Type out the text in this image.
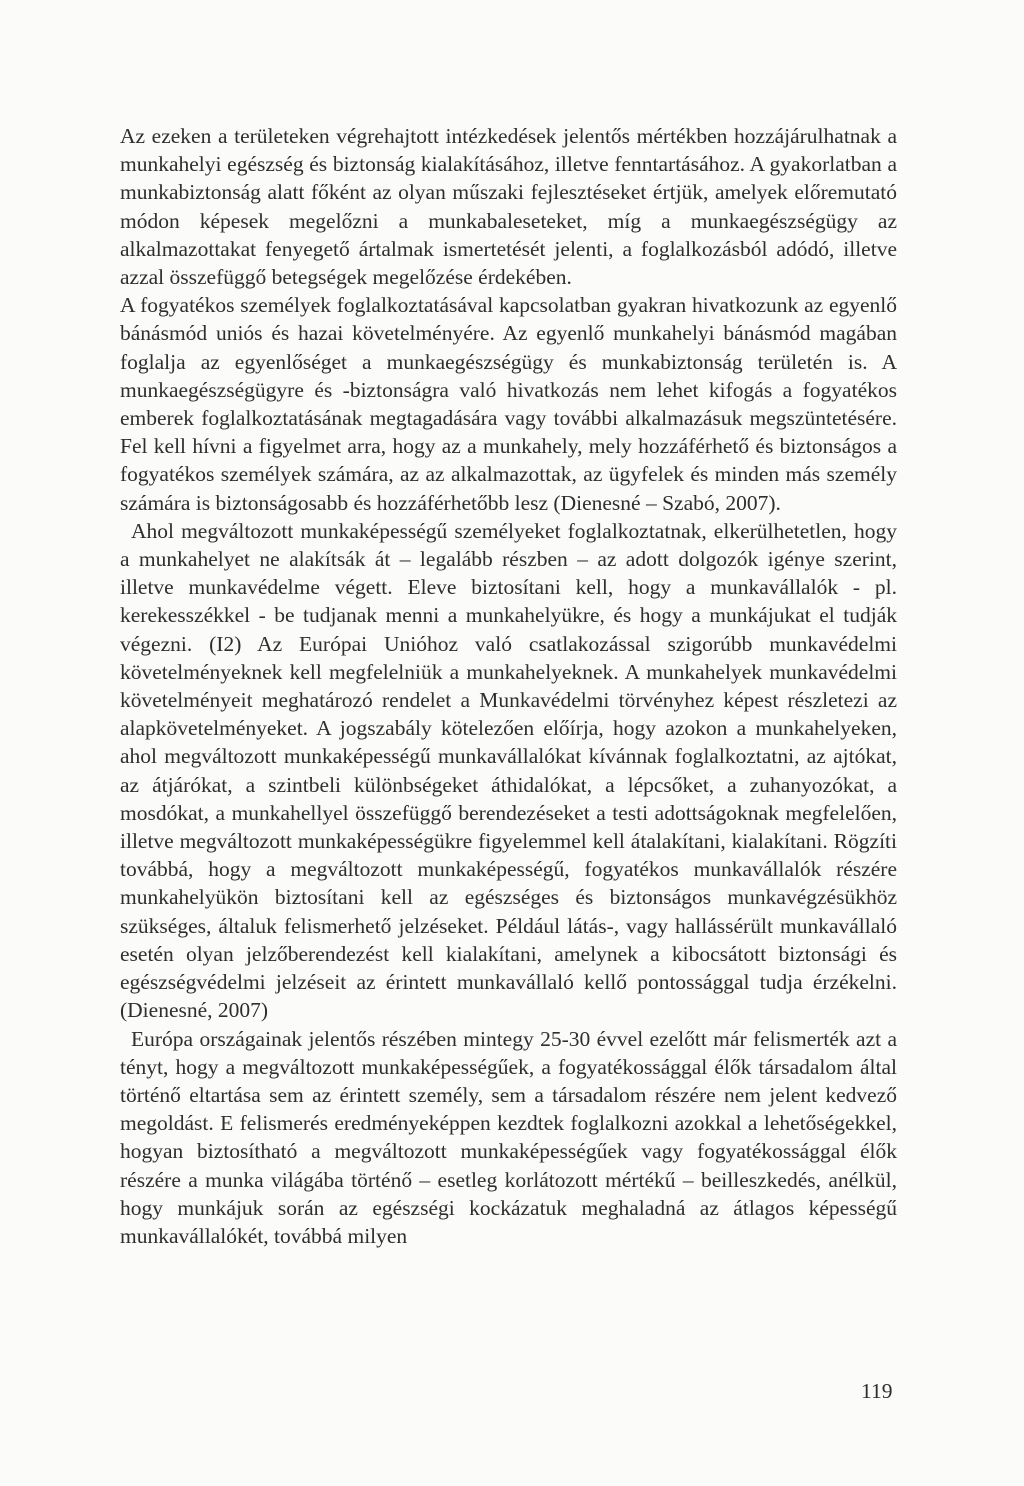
Az ezeken a területeken végrehajtott intézkedések jelentős mértékben hozzájárulhatnak a munkahelyi egészség és biztonság kialakításához, illetve fenntartásához. A gyakorlatban a munkabiztonság alatt főként az olyan műszaki fejlesztéseket értjük, amelyek előremutató módon képesek megelőzni a munkabaleseteket, míg a munkaegészségügy az alkalmazottakat fenyegető ártalmak ismertetését jelenti, a foglalkozásból adódó, illetve azzal összefüggő betegségek megelőzése érdekében.

A fogyatékos személyek foglalkoztatásával kapcsolatban gyakran hivatkozunk az egyenlő bánásmód uniós és hazai követelményére. Az egyenlő munkahelyi bánásmód magában foglalja az egyenlőséget a munkaegészségügy és munkabiztonság területén is. A munkaegészségügyre és -biztonságra való hivatkozás nem lehet kifogás a fogyatékos emberek foglalkoztatásának megtagadására vagy további alkalmazásuk megszüntetésére. Fel kell hívni a figyelmet arra, hogy az a munkahely, mely hozzáférhető és biztonságos a fogyatékos személyek számára, az az alkalmazottak, az ügyfelek és minden más személy számára is biztonságosabb és hozzáférhetőbb lesz (Dienesné – Szabó, 2007).

Ahol megváltozott munkaképességű személyeket foglalkoztatnak, elkerülhetetlen, hogy a munkahelyet ne alakítsák át – legalább részben – az adott dolgozók igénye szerint, illetve munkavédelme végett. Eleve biztosítani kell, hogy a munkavállalók - pl. kerekesszékkel - be tudjanak menni a munkahelyükre, és hogy a munkájukat el tudják végezni. (I2) Az Európai Unióhoz való csatlakozással szigorúbb munkavédelmi követelményeknek kell megfelelniük a munkahelyeknek. A munkahelyek munkavédelmi követelményeit meghatározó rendelet a Munkavédelmi törvényhez képest részletezi az alapkövetelményeket. A jogszabály kötelezően előírja, hogy azokon a munkahelyeken, ahol megváltozott munkaképességű munkavállalókat kívánnak foglalkoztatni, az ajtókat, az átjárókat, a szintbeli különbségeket áthidalókat, a lépcsőket, a zuhanyozókat, a mosdókat, a munkahellyel összefüggő berendezéseket a testi adottságoknak megfelelően, illetve megváltozott munkaképességükre figyelemmel kell átalakítani, kialakítani. Rögzíti továbbá, hogy a megváltozott munkaképességű, fogyatékos munkavállalók részére munkahelyükön biztosítani kell az egészséges és biztonságos munkavégzésükhöz szükséges, általuk felismerhető jelzéseket. Például látás-, vagy hallássérült munkavállaló esetén olyan jelzőberendezést kell kialakítani, amelynek a kibocsátott biztonsági és egészségvédelmi jelzéseit az érintett munkavállaló kellő pontossággal tudja érzékelni. (Dienesné, 2007)

Európa országainak jelentős részében mintegy 25-30 évvel ezelőtt már felismerték azt a tényt, hogy a megváltozott munkaképességűek, a fogyatékossággal élők társadalom által történő eltartása sem az érintett személy, sem a társadalom részére nem jelent kedvező megoldást. E felismerés eredményeképpen kezdtek foglalkozni azokkal a lehetőségekkel, hogyan biztosítható a megváltozott munkaképességűek vagy fogyatékossággal élők részére a munka világába történő – esetleg korlátozott mértékű – beilleszkedés, anélkül, hogy munkájuk során az egészségi kockázatuk meghaladná az átlagos képességű munkavállalókét, továbbá milyen

119
